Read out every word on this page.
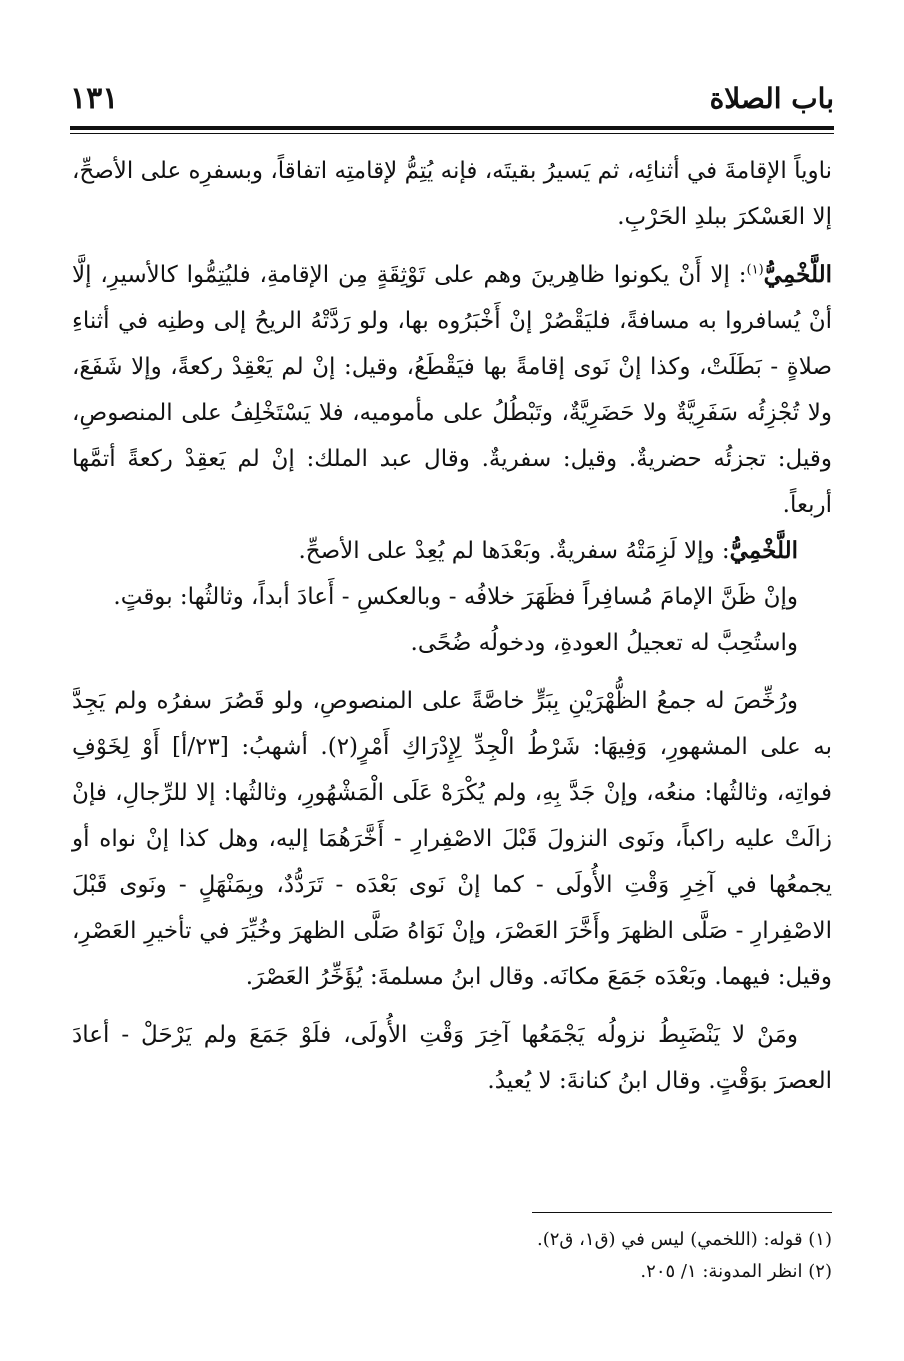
١٣١	باب الصلاة

ناوياً الإقامةَ في أثنائِه، ثم يَسيرُ بقيتَه، فإنه يُتِمُّ لإقامتِه اتفاقاً، وبسفرِه على الأصحِّ، إلا العَسْكرَ ببلدِ الحَرْبِ.

اللَّخْمِيُّ$^{(١)}$: إلا أَنْ يكونوا ظاهِرينَ وهم على تَوْثِقَةٍ مِن الإقامةِ، فليُتِمُّوا كالأسيرِ، إلَّا أنْ يُسافروا به مسافةً، فليَقْصُرْ إنْ أَخْبَرُوه بها، ولو رَدَّتْهُ الريحُ إلى وطنِه في أثناءِ صلاةٍ - بَطَلَتْ، وكذا إنْ نَوى إقامةً بها فيَقْطَعُ، وقيل: إنْ لم يَعْقِدْ ركعةً، وإلا شَفَعَ، ولا تُجْزِئُه سَفَرِيَّةٌ ولا حَضَرِيَّةٌ، وتَبْطُلُ على مأموميه، فلا يَسْتَخْلِفُ على المنصوصِ، وقيل: تجزئُه حضريةٌ. وقيل: سفريةٌ. وقال عبد الملك: إنْ لم يَعقِدْ ركعةً أتمَّها أربعاً.

اللَّخْمِيُّ: وإلا لَزِمَتْهُ سفريةٌ. وبَعْدَها لم يُعِدْ على الأصحِّ.

وإنْ ظَنَّ الإمامَ مُسافِراً فظَهَرَ خلافُه - وبالعكسِ - أَعادَ أبداً، وثالثُها: بوقتٍ.

واستُحِبَّ له تعجيلُ العودةِ، ودخولُه ضُحًى.

ورُخِّصَ له جمعُ الظُّهْرَيْنِ بِبَرٍّ خاصَّةً على المنصوصِ، ولو قَصُرَ سفرُه ولم يَجِدَّ به على المشهورِ، وَفِيهَا: شَرْطُ الْجِدِّ لِإِدْرَاكِ أَمْرٍ(٢). أشهبُ: [٢٣/أ] أَوْ لِخَوْفِ فواتِه، وثالثُها: منعُه، وإنْ جَدَّ بِهِ، ولم يُكْرَهْ عَلَى الْمَشْهُورِ، وثالثُها: إلا للرِّجالِ، فإنْ زالَتْ عليه راكباً، ونَوى النزولَ قَبْلَ الاصْفِرارِ - أَخَّرَهُمَا إليه، وهل كذا إنْ نواه أو يجمعُها في آخِرِ وَقْتِ الأُولَى - كما إنْ نَوى بَعْدَه - تَرَدُّدٌ، وبِمَنْهَلٍ - ونَوى قَبْلَ الاصْفِرارِ - صَلَّى الظهرَ وأَخَّرَ العَصْرَ، وإنْ نَوَاهُ صَلَّى الظهرَ وخُيِّرَ في تأخيرِ العَصْرِ، وقيل: فيهما. وبَعْدَه جَمَعَ مكانَه. وقال ابنُ مسلمةَ: يُؤَخِّرُ العَصْرَ.

ومَنْ لا يَنْضَبِطُ نزولُه يَجْمَعُها آخِرَ وَقْتِ الأُولَى، فلَوْ جَمَعَ ولم يَرْحَلْ - أعادَ العصرَ بوَقْتٍ. وقال ابنُ كنانةَ: لا يُعيدُ.

(١) قوله: (اللخمي) ليس في (ق١، ق٢).

(٢) انظر المدونة: ١/ ٢٠٥.
